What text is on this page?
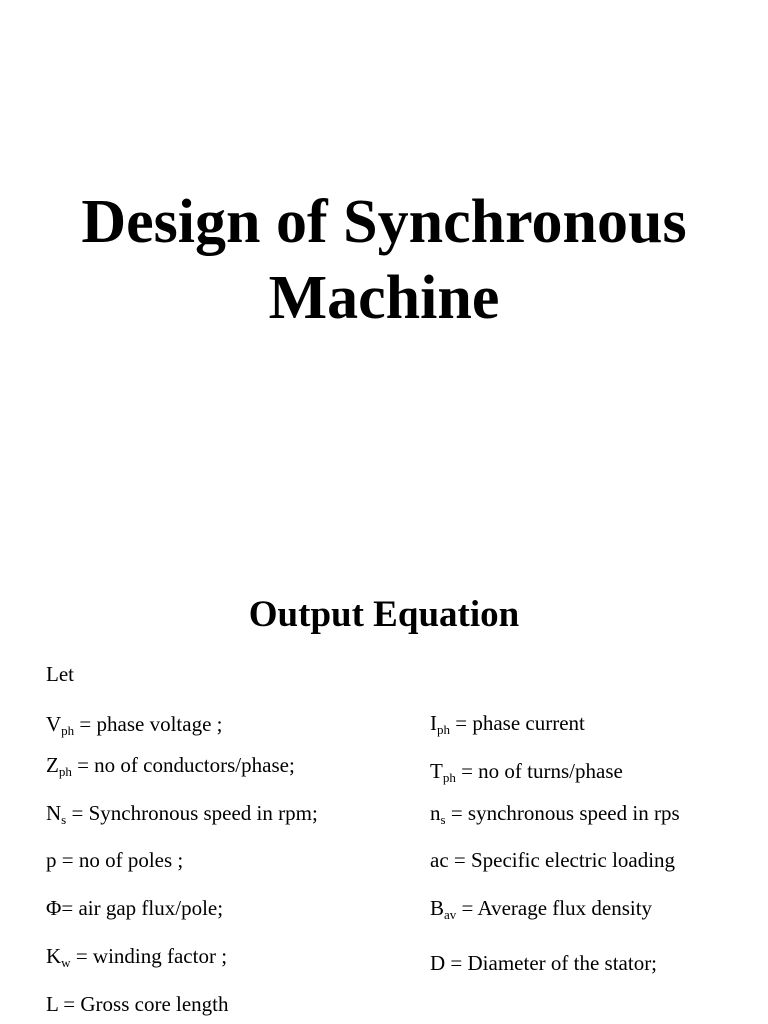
Design of Synchronous
Machine
Output Equation
Let
$V_{ph}$ = phase voltage ;
$Z_{ph}$ = no of conductors/phase;
$N_s$ = Synchronous speed in rpm;
p = no of poles ;
Φ= air gap flux/pole;
$K_w$ = winding factor ;
L = Gross core length
$I_{ph}$ = phase current
$T_{ph}$ = no of turns/phase
$n_s$ = synchronous speed in rps
ac = Specific electric loading
$B_{av}$ = Average flux density
D = Diameter of the stator;
